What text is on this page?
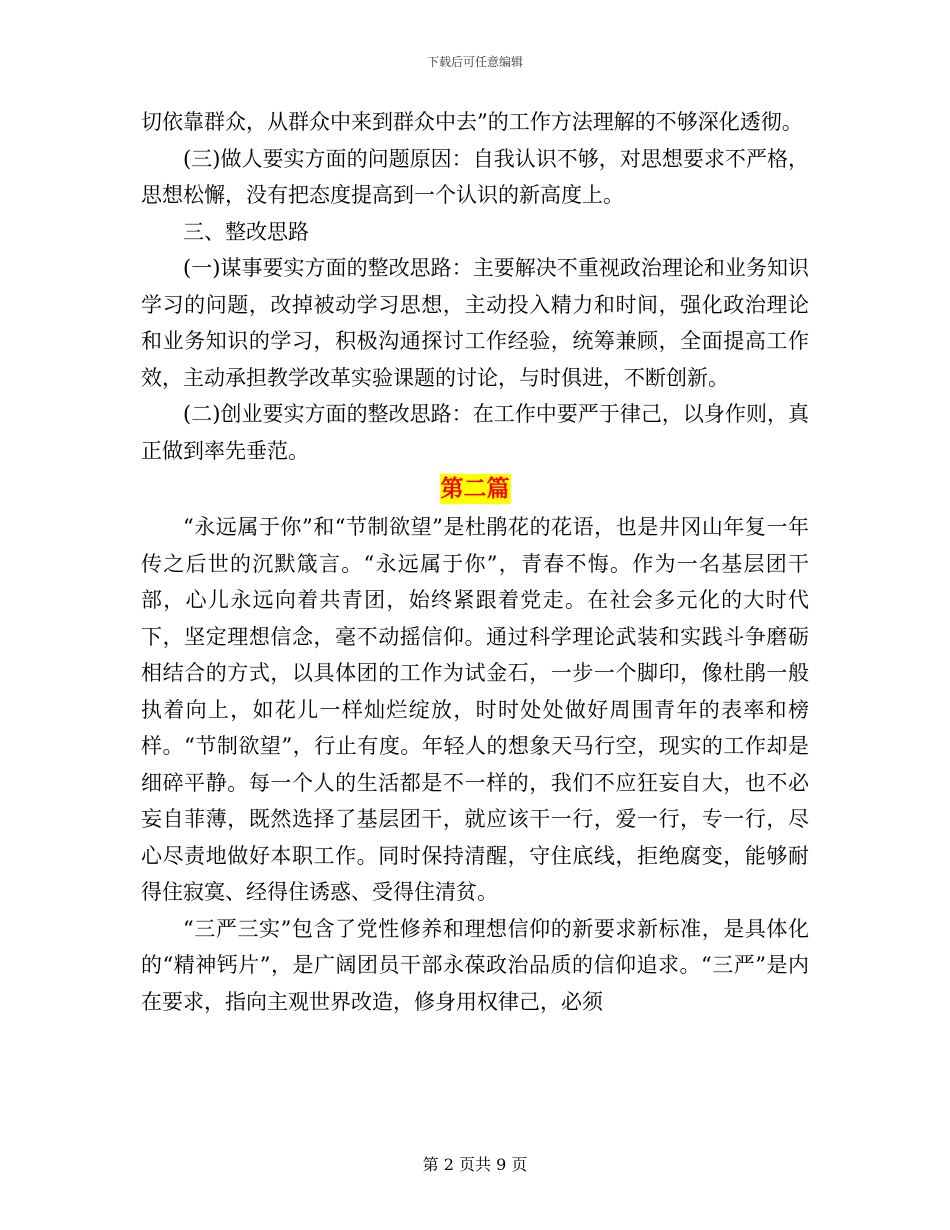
下载后可任意编辑

切依靠群众，从群众中来到群众中去”的工作方法理解的不够深化透彻。

(三)做人要实方面的问题原因：自我认识不够，对思想要求不严格，思想松懈，没有把态度提高到一个认识的新高度上。

三、整改思路

(一)谋事要实方面的整改思路：主要解决不重视政治理论和业务知识学习的问题，改掉被动学习思想，主动投入精力和时间，强化政治理论和业务知识的学习，积极沟通探讨工作经验，统筹兼顾，全面提高工作效，主动承担教学改革实验课题的讨论，与时俱进，不断创新。

(二)创业要实方面的整改思路：在工作中要严于律己，以身作则，真正做到率先垂范。

第二篇

“永远属于你”和“节制欲望”是杜鹃花的花语，也是井冈山年复一年传之后世的沉默箴言。“永远属于你”，青春不悔。作为一名基层团干部，心儿永远向着共青团，始终紧跟着党走。在社会多元化的大时代下，坚定理想信念，毫不动摇信仰。通过科学理论武装和实践斗争磨砺相结合的方式，以具体团的工作为试金石，一步一个脚印，像杜鹃一般执着向上，如花儿一样灿烂绽放，时时处处做好周围青年的表率和榜样。“节制欲望”，行止有度。年轻人的想象天马行空，现实的工作却是细碎平静。每一个人的生活都是不一样的，我们不应狂妄自大，也不必妄自菲薄，既然选择了基层团干，就应该干一行，爱一行，专一行，尽心尽责地做好本职工作。同时保持清醒，守住底线，拒绝腐变，能够耐得住寂寞、经得住诱惑、受得住清贫。

“三严三实”包含了党性修养和理想信仰的新要求新标准，是具体化的“精神钙片”，是广阔团员干部永葆政治品质的信仰追求。“三严”是内在要求，指向主观世界改造，修身用权律己，必须

第 2 页共 9 页
